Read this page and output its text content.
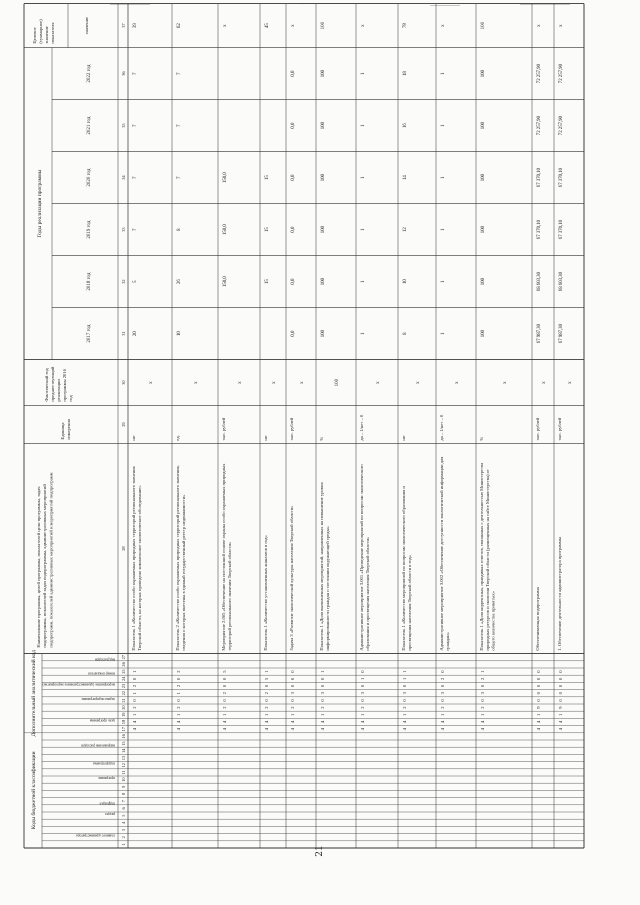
Коды бюджетной классификации
Дополнительный аналитический код
Наименование программы, целей программы, показателей цели программы, задачподпрограммы, показателей задач подпрограммы, административных мероприятийподпрограмм, показателей административных мероприятий и мероприятий подпрограмм
Единицаизмерения
Фактический годпредшествующийреализациипрограммы 2016год
Годы реализации программы
Целевое(суммарное)значениепоказателя	значение
главного администратора
раздел
подраздел
программа
подпрограмма
направление расходов
цель программы
задача подпрограммы
мероприятие (административное мероприятие)
номер показателя
вид расходов
2017 год
2018 год
2019 год
2020 год
2021 год
2022 год
1
2
3
4
5
6
7
8
9
10
11
12
13
14
15
16
17
18
19
20
21
22
23
24
25
26
27
28
29
30
31
32
33
34
35
36
37
4
4
1
2
0
1
2
0
1
Показатель 1 «Количество особо охраняемых природных территорий регионального значенияТверской области, на которых проведено комплексное экологическое обследование»
шт
х
20
5
7
7
7
7
39
4
4
1
2
0
1
2
0
2
Показатель 2 «Количество особо охраняемых природных территорий регионального значения,сведения о которых внесены в единый государственный реестр недвижимости»
ед.
х
10
26
8
7
7
7
62
4
4
1
2
0
2
0
0
5
Мероприятие 2.005 «Обеспечение на постоянной основе охраны особо охраняемых природныхтерриторий регионального значения Тверской области»
тыс. рублей
х
150,0
150,0
150,0
х
4
4
1
2
0
2
0
5
1
Показатель 1 «Количество установленных аншлагов в год»
шт
х
15
15
15
45
4
4
1
2
0
3
0
0
0
Задача 3 «Развитие экологической культуры населения Тверской области»
тыс. рублей
х
0,0
0,0
0,0
0,0
0,0
0,0
х
4
4
1
2
0
3
0
0
1
Показатель 1 «Доля выполненных мероприятий, направленных на повышение уровняинформированности граждан о состоянии окружающей среды»
%
100
100
100
100
100
100
100
100
4
4
1
2
0
3
0
1
0
Административное мероприятие 3.001 «Проведение мероприятий по вопросам экологическогообразования и просвещения населения Тверской области»
да – 1/нет – 0
х
1
1
1
1
1
1
х
4
4
1
2
0
3
0
1
1
Показатель 1 «Количество мероприятий по вопросам экологического образования ипросвещения населения Тверской области в год»
шт
х
8
10
12
14
16
18
78
4
4
1
2
0
3
0
2
0
Административное мероприятие 3.002 «Обеспечение доступности экологической информации дляграждан»
да – 1/нет – 0
х
1
1
1
1
1
1
х
4
4
1
2
0
3
0
2
1
Показатель 1 «Доля корректных, правдивых ответов, связанных с деятельностью Министерстваприродных ресурсов и экологии Тверской области (размещенных на сайте Министерства) отобщего количества принятых»
%
х
100
100
100
100
100
100
100
4
4
1
9
0
0
0
0
0
Обеспечивающая подпрограмма
тыс. рублей
х
67 987,30
68 603,30
67 370,10
67 370,10
72 257,90
72 257,90
х
4
4
1
9
0
0
0
0
0
1. Обеспечение деятельности администратора программы
тыс. рублей
х
67 987,30
68 603,30
67 370,10
67 370,10
72 257,90
72 257,90
х
21
